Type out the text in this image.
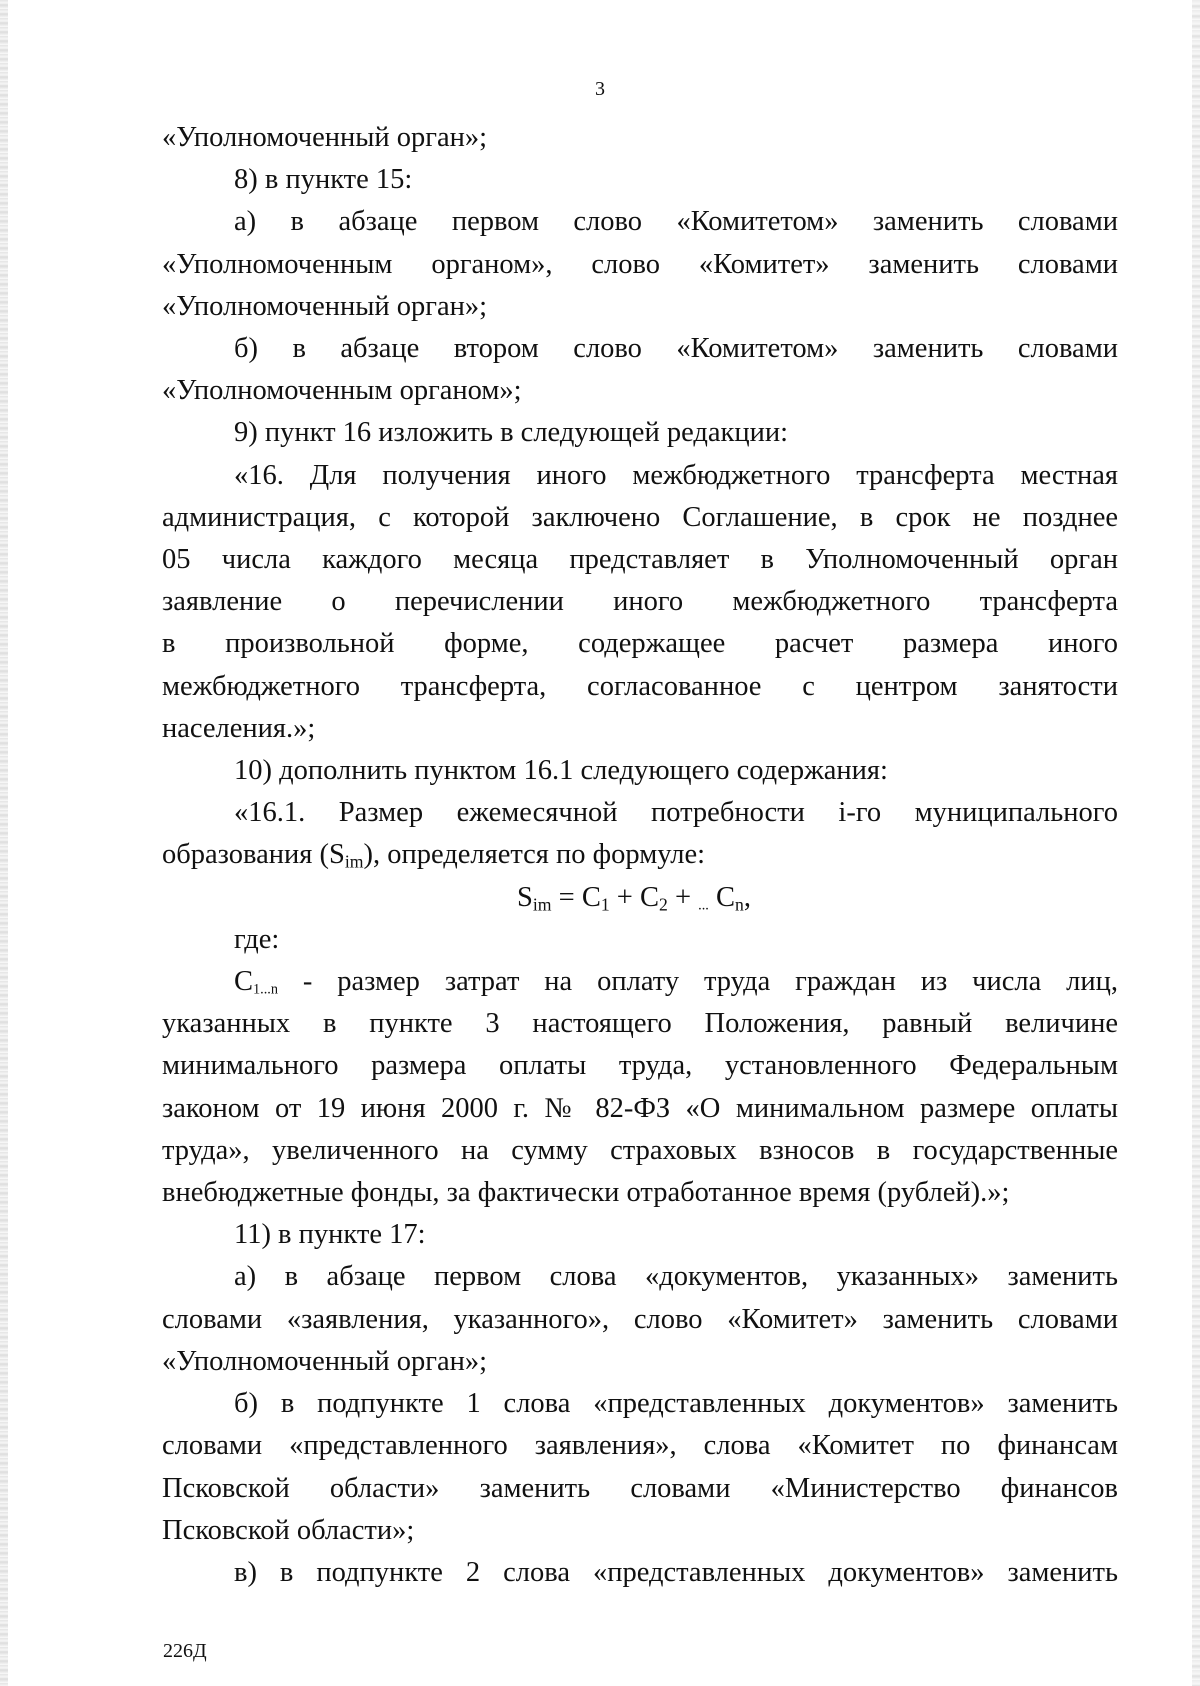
3

«Уполномоченный орган»;

8) в пункте 15:

а) в абзаце первом слово «Комитетом» заменить словами

«Уполномоченным органом», слово «Комитет» заменить словами

«Уполномоченный орган»;

б) в абзаце втором слово «Комитетом» заменить словами

«Уполномоченным органом»;

9) пункт 16 изложить в следующей редакции:

«16. Для получения иного межбюджетного трансферта местная

администрация, с которой заключено Соглашение, в срок не позднее

05 числа каждого месяца представляет в Уполномоченный орган

заявление о перечислении иного межбюджетного трансферта

в произвольной форме, содержащее расчет размера иного

межбюджетного трансферта, согласованное с центром занятости

населения.»;

10) дополнить пунктом 16.1 следующего содержания:

«16.1. Размер ежемесячной потребности i-го муниципального

образования $(S_{im})$, определяется по формуле:

$S_{im} = C_1 + C_2 + _{...}$ $C_n$,

где:

$C_{1...n}$ - размер затрат на оплату труда граждан из числа лиц,

указанных в пункте 3 настоящего Положения, равный величине

минимального размера оплаты труда, установленного Федеральным

законом от 19 июня 2000 г. № 82-ФЗ «О минимальном размере оплаты

труда», увеличенного на сумму страховых взносов в государственные

внебюджетные фонды, за фактически отработанное время (рублей).»;

11) в пункте 17:

а) в абзаце первом слова «документов, указанных» заменить

словами «заявления, указанного», слово «Комитет» заменить словами

«Уполномоченный орган»;

б) в подпункте 1 слова «представленных документов» заменить

словами «представленного заявления», слова «Комитет по финансам

Псковской области» заменить словами «Министерство финансов

Псковской области»;

в) в подпункте 2 слова «представленных документов» заменить

226Д
